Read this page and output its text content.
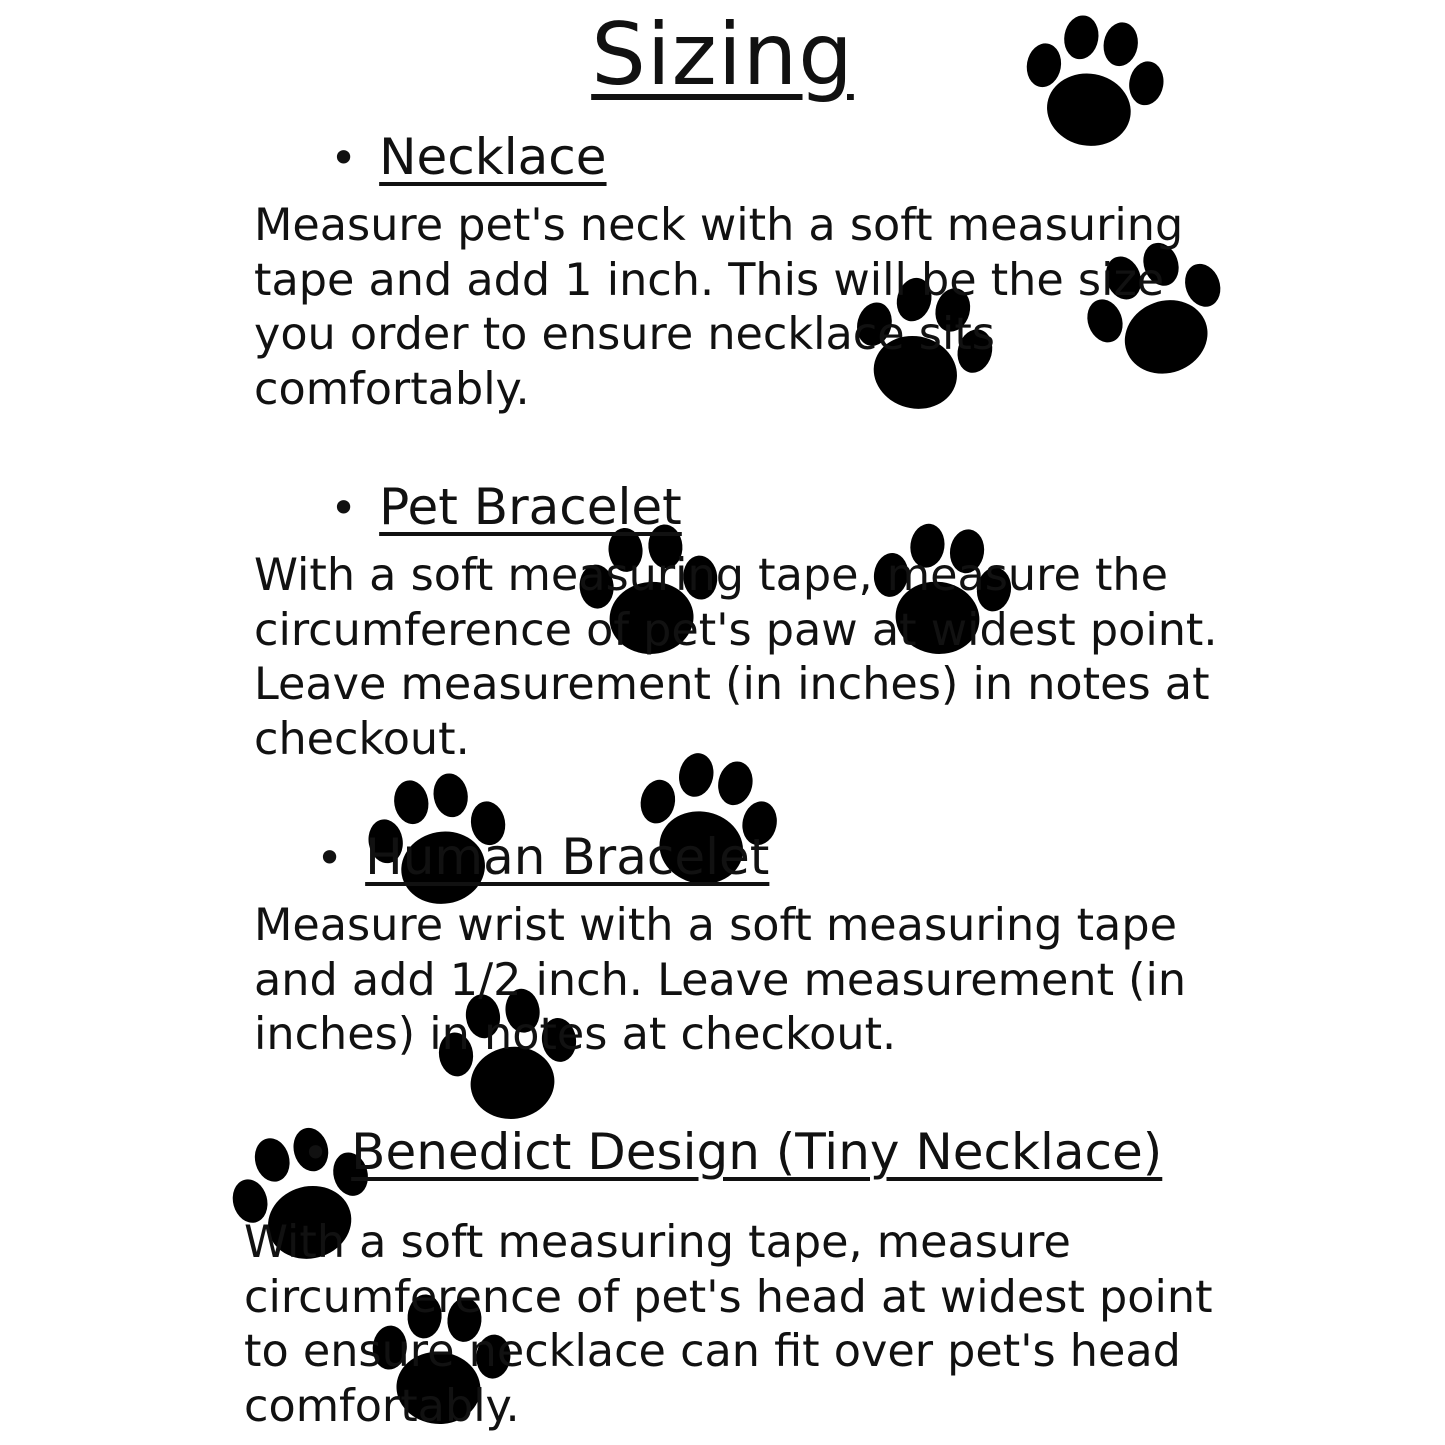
Sizing
• Necklace
Measure pet's neck with a soft measuring
tape and add 1 inch. This will be the size
you order to ensure necklace sits
comfortably.
• Pet Bracelet
With a soft measuring tape, measure the
circumference of pet's paw at widest point.
Leave measurement (in inches) in notes at
checkout.
• Human Bracelet
Measure wrist with a soft measuring tape
and add 1/2 inch. Leave measurement (in
inches) in notes at checkout.
• Benedict Design (Tiny Necklace)
With a soft measuring tape, measure
circumference of pet's head at widest point
to ensure necklace can fit over pet's head
comfortably.
